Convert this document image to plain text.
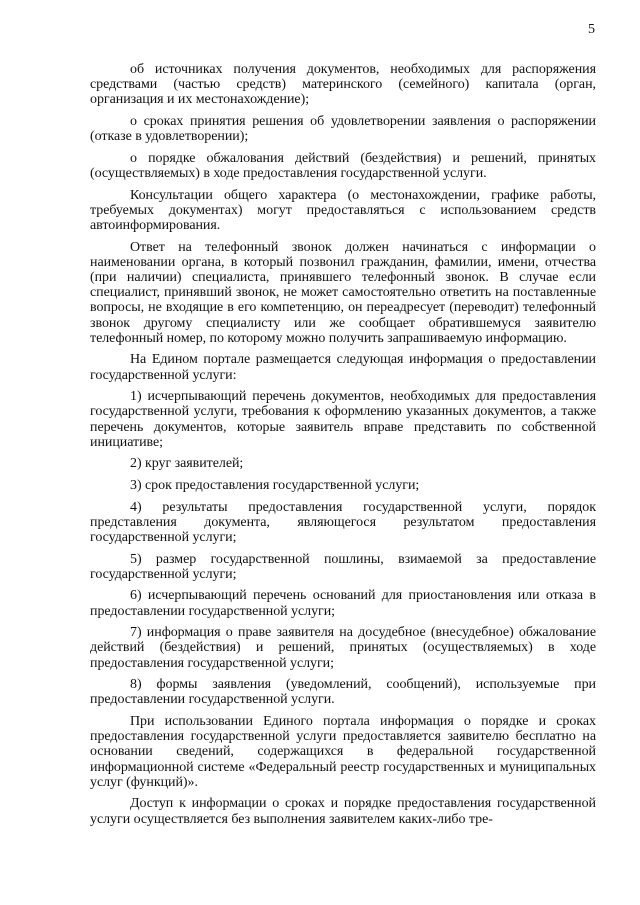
5

об источниках получения документов, необходимых для распоряжения средствами (частью средств) материнского (семейного) капитала (орган, организация и их местонахождение);

о сроках принятия решения об удовлетворении заявления о распоряжении (отказе в удовлетворении);

о порядке обжалования действий (бездействия) и решений, принятых (осуществляемых) в ходе предоставления государственной услуги.

Консультации общего характера (о местонахождении, графике работы, требуемых документах) могут предоставляться с использованием средств автоинформирования.

Ответ на телефонный звонок должен начинаться с информации о наименовании органа, в который позвонил гражданин, фамилии, имени, отчества (при наличии) специалиста, принявшего телефонный звонок. В случае если специалист, принявший звонок, не может самостоятельно ответить на поставленные вопросы, не входящие в его компетенцию, он переадресует (переводит) телефонный звонок другому специалисту или же сообщает обратившемуся заявителю телефонный номер, по которому можно получить запрашиваемую информацию.

На Едином портале размещается следующая информация о предоставлении государственной услуги:

1) исчерпывающий перечень документов, необходимых для предоставления государственной услуги, требования к оформлению указанных документов, а также перечень документов, которые заявитель вправе представить по собственной инициативе;

2) круг заявителей;

3) срок предоставления государственной услуги;

4) результаты предоставления государственной услуги, порядок представления документа, являющегося результатом предоставления государственной услуги;

5) размер государственной пошлины, взимаемой за предоставление государственной услуги;

6) исчерпывающий перечень оснований для приостановления или отказа в предоставлении государственной услуги;

7) информация о праве заявителя на досудебное (внесудебное) обжалование действий (бездействия) и решений, принятых (осуществляемых) в ходе предоставления государственной услуги;

8) формы заявления (уведомлений, сообщений), используемые при предоставлении государственной услуги.

При использовании Единого портала информация о порядке и сроках предоставления государственной услуги предоставляется заявителю бесплатно на основании сведений, содержащихся в федеральной государственной информационной системе «Федеральный реестр государственных и муниципальных услуг (функций)».

Доступ к информации о сроках и порядке предоставления государственной услуги осуществляется без выполнения заявителем каких-либо тре-
